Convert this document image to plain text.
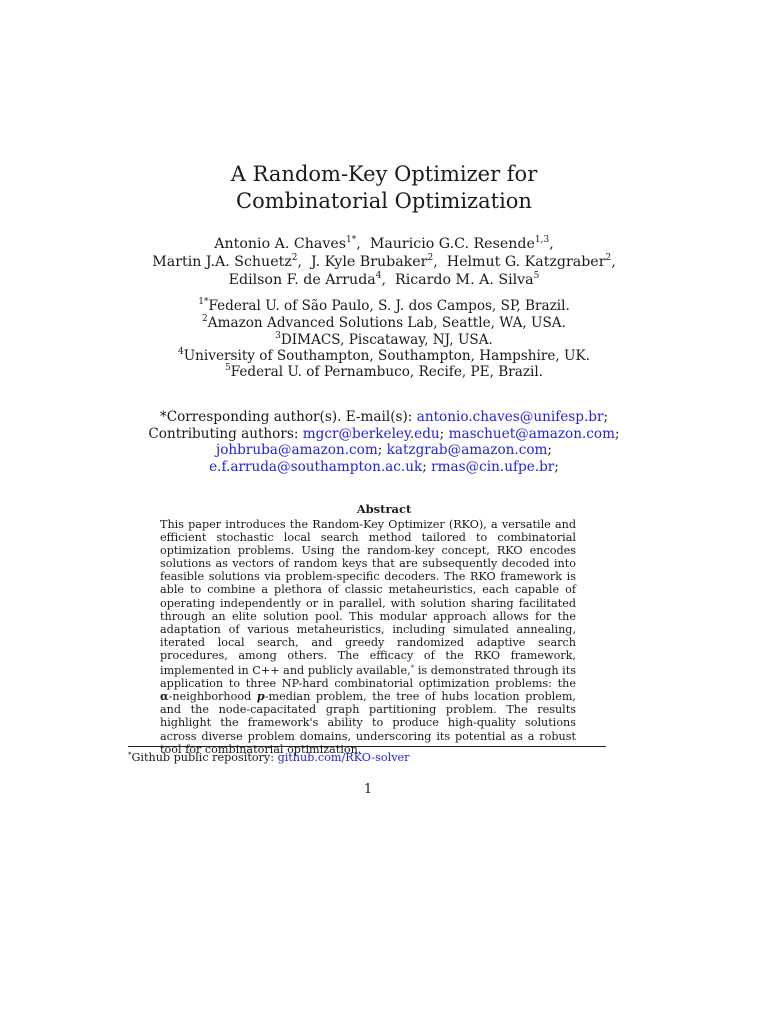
A Random-Key Optimizer for
Combinatorial Optimization
Antonio A. Chaves$^{1*}$,  Mauricio G.C. Resende$^{1,3}$,
Martin J.A. Schuetz$^2$,  J. Kyle Brubaker$^2$,  Helmut G. Katzgraber$^2$,
Edilson F. de Arruda$^4$,  Ricardo M. A. Silva$^5$
$^{1*}$Federal U. of São Paulo, S. J. dos Campos, SP, Brazil.
$^2$Amazon Advanced Solutions Lab, Seattle, WA, USA.
$^3$DIMACS, Piscataway, NJ, USA.
$^4$University of Southampton, Southampton, Hampshire, UK.
$^5$Federal U. of Pernambuco, Recife, PE, Brazil.
*Corresponding author(s). E-mail(s): antonio.chaves@unifesp.br;
Contributing authors: mgcr@berkeley.edu; maschuet@amazon.com;
johbruba@amazon.com; katzgrab@amazon.com;
e.f.arruda@southampton.ac.uk; rmas@cin.ufpe.br;
Abstract

This paper introduces the Random-Key Optimizer (RKO), a versatile and efficient stochastic local search method tailored to combinatorial optimization problems. Using the random-key concept, RKO encodes solutions as vectors of random keys that are subsequently decoded into feasible solutions via problem-specific decoders. The RKO framework is able to combine a plethora of classic metaheuristics, each capable of operating independently or in parallel, with solution sharing facilitated through an elite solution pool. This modular approach allows for the adaptation of various metaheuristics, including simulated annealing, iterated local search, and greedy randomized adaptive search procedures, among others. The efficacy of the RKO framework, implemented in C++ and publicly available,* is demonstrated through its application to three NP-hard combinatorial optimization problems: the α-neighborhood p-median problem, the tree of hubs location problem, and the node-capacitated graph partitioning problem. The results highlight the framework's ability to produce high-quality solutions across diverse problem domains, underscoring its potential as a robust tool for combinatorial optimization.

*Github public repository: github.com/RKO-solver
1
